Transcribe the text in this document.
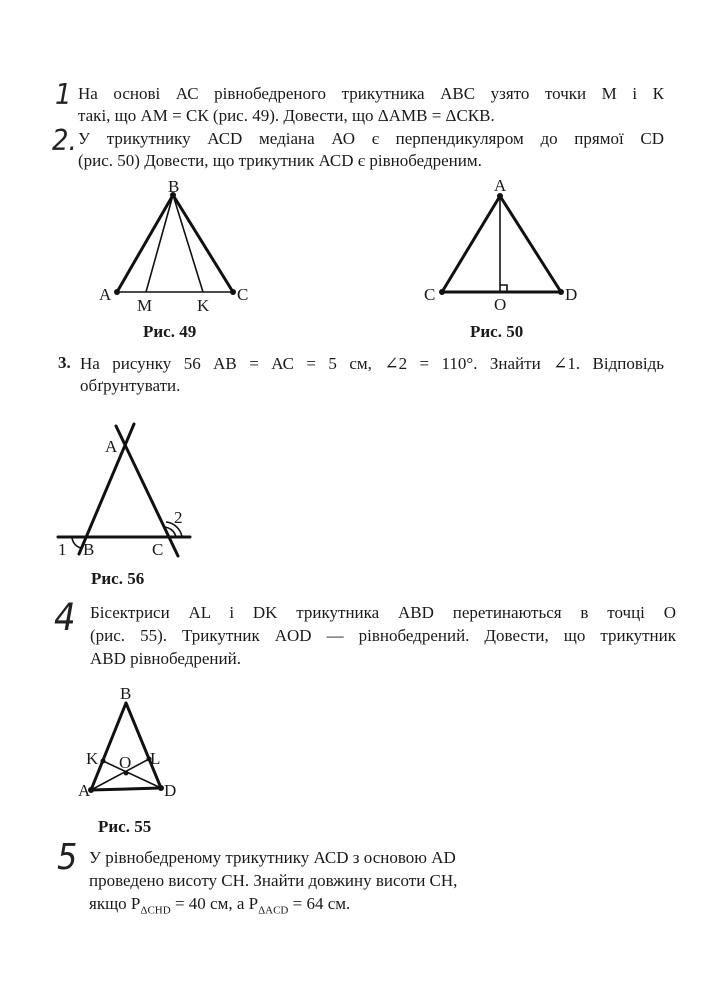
1 На основі АС рівнобедреного трикутника АВС узято точки М і К
такі, що АМ = СК (рис. 49). Довести, що ΔАМВ = ΔСКВ.
2. У трикутнику АСD медіана АО є перпендикуляром до прямої CD
(рис. 50) Довести, що трикутник АСD є рівнобедреним.
B
A
M	K
C
Рис. 49
A
C
O
D
Рис. 50
3. На рисунку 56 АВ = АС = 5 см, ∠2 = 110°. Знайти ∠1. Відповідь
обґрунтувати.
A
2
1 B	C
Рис. 56
4 Бісектриси AL і DK трикутника ABD перетинаються в точці O
(рис. 55). Трикутник AOD — рівнобедрений. Довести, що трикутник
ABD рівнобедрений.
B
K O L
A	D
Рис. 55
5 У рівнобедреному трикутнику АСD з основою АD
проведено висоту СН. Знайти довжину висоти СН,
якщо $P_{\Delta CHD} = 40$ см, а $P_{\Delta ACD} = 64$ см.
